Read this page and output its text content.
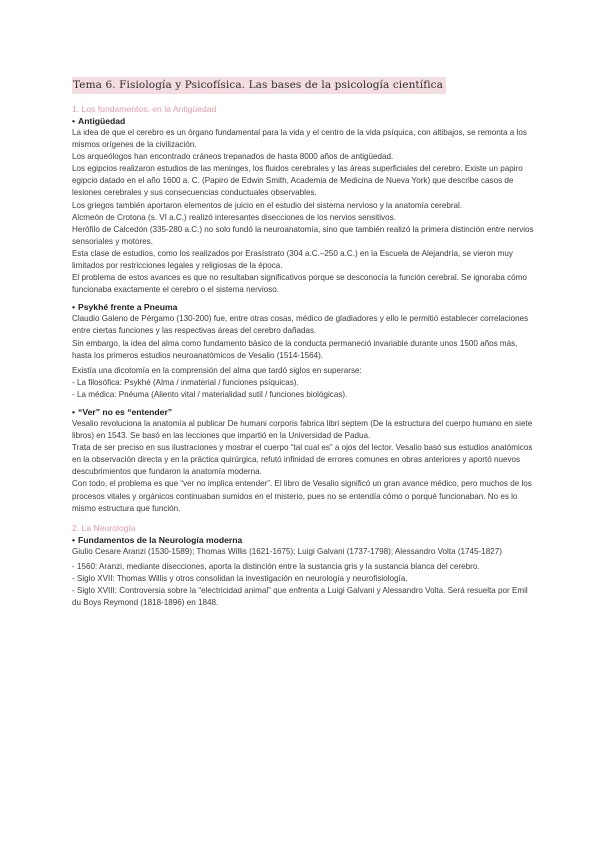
Tema 6. Fisiología y Psicofísica. Las bases de la psicología científica
1. Los fundamentos: en la Antigüedad
• Antigüedad

La idea de que el cerebro es un órgano fundamental para la vida y el centro de la vida psíquica, con altibajos, se remonta a los mismos orígenes de la civilización.

Los arqueólogos han encontrado cráneos trepanados de hasta 8000 años de antigüedad.

Los egipcios realizaron estudios de las meninges, los fluidos cerebrales y las áreas superficiales del cerebro. Existe un papiro egipcio datado en el año 1600 a. C. (Papiro de Edwin Smith, Academia de Medicina de Nueva York) que describe casos de lesiones cerebrales y sus consecuencias conductuales observables.

Los griegos también aportaron elementos de juicio en el estudio del sistema nervioso y la anatomía cerebral.

Alcmeón de Crotona (s. VI a.C.) realizó interesantes disecciones de los nervios sensitivos.

Herófilo de Calcedón (335-280 a.C.) no solo fundó la neuroanatomía, sino que también realizó la primera distinción entre nervios sensoriales y motores.

Esta clase de estudios, como los realizados por Erasístrato (304 a.C.–250 a.C.) en la Escuela de Alejandría, se vieron muy limitados por restricciones legales y religiosas de la época.

El problema de estos avances es que no resultaban significativos porque se desconocía la función cerebral. Se ignoraba cómo funcionaba exactamente el cerebro o el sistema nervioso.

• Psykhé frente a Pneuma

Claudio Galeno de Pérgamo (130-200) fue, entre otras cosas, médico de gladiadores y ello le permitió establecer correlaciones entre ciertas funciones y las respectivas áreas del cerebro dañadas.

Sin embargo, la idea del alma como fundamento básico de la conducta permaneció invariable durante unos 1500 años más, hasta los primeros estudios neuroanatómicos de Vesalio (1514-1564).

Existía una dicotomía en la comprensión del alma que tardó siglos en superarse:

- La filosófica: Psykhé (Alma / inmaterial / funciones psíquicas).

- La médica: Pnéuma (Aliento vital / materialidad sutil / funciones biológicas).

• “Ver” no es “entender”

Vesalio revoluciona la anatomía al publicar De humani corporis fabrica libri septem (De la estructura del cuerpo humano en siete libros) en 1543. Se basó en las lecciones que impartió en la Universidad de Padua.

Trata de ser preciso en sus ilustraciones y mostrar el cuerpo “tal cual es” a ojos del lector. Vesalio basó sus estudios anatómicos en la observación directa y en la práctica quirúrgica, refutó infinidad de errores comunes en obras anteriores y aportó nuevos descubrimientos que fundaron la anatomía moderna.

Con todo, el problema es que “ver no implica entender”. El libro de Vesalio significó un gran avance médico, pero muchos de los procesos vitales y orgánicos continuaban sumidos en el misterio, pues no se entendía cómo o porqué funcionaban. No es lo mismo estructura que función.

2. La Neurología
• Fundamentos de la Neurología moderna

Giulio Cesare Aranzi (1530-1589); Thomas Willis (1621-1675); Luigi Galvani (1737-1798); Alessandro Volta (1745-1827)

- 1560: Aranzi, mediante disecciones, aporta la distinción entre la sustancia gris y la sustancia blanca del cerebro.

- Siglo XVII: Thomas Willis y otros consolidan la investigación en neurología y neurofisiología.

- Siglo XVIII: Controversia sobre la “electricidad animal” que enfrenta a Luigi Galvani y Alessandro Volta. Será resuelta por Emil du Boys Reymond (1818-1896) en 1848.
